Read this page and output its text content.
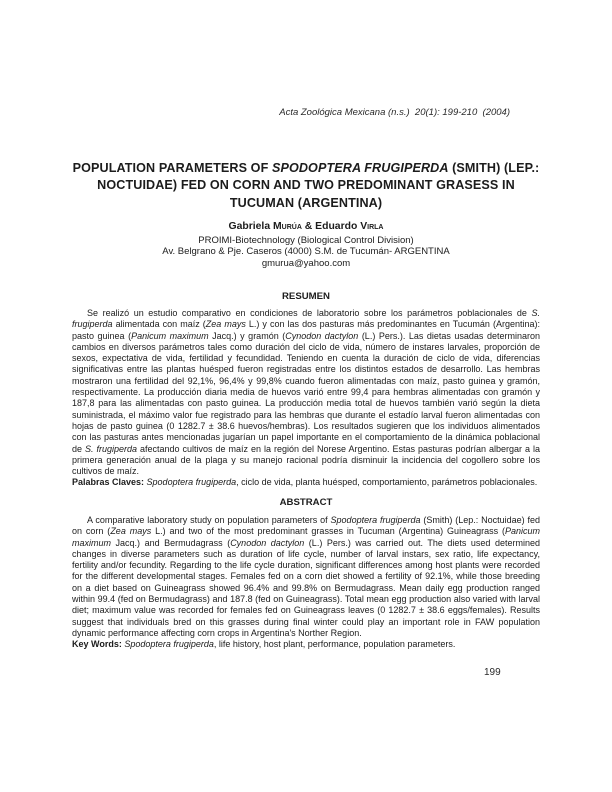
Acta Zoológica Mexicana (n.s.)  20(1): 199-210  (2004)
POPULATION PARAMETERS OF SPODOPTERA FRUGIPERDA (SMITH) (LEP.: NOCTUIDAE) FED ON CORN AND TWO PREDOMINANT GRASESS IN TUCUMAN (ARGENTINA)
Gabriela Murúa & Eduardo Virla
PROIMI-Biotechnology (Biological Control Division)
Av. Belgrano & Pje. Caseros (4000) S.M. de Tucumán- ARGENTINA
gmurua@yahoo.com
RESUMEN

Se realizó un estudio comparativo en condiciones de laboratorio sobre los parámetros poblacionales de S. frugiperda alimentada con maíz (Zea mays L.) y con las dos pasturas más predominantes en Tucumán (Argentina): pasto guinea (Panicum maximum Jacq.) y gramón (Cynodon dactylon (L.) Pers.). Las dietas usadas determinaron cambios en diversos parámetros tales como duración del ciclo de vida, número de instares larvales, proporción de sexos, expectativa de vida, fertilidad y fecundidad. Teniendo en cuenta la duración de ciclo de vida, diferencias significativas entre las plantas huésped fueron registradas entre los distintos estados de desarrollo. Las hembras mostraron una fertilidad del 92,1%, 96,4% y 99,8% cuando fueron alimentadas con maíz, pasto guinea y gramón, respectivamente. La producción diaria media de huevos varió entre 99,4 para hembras alimentadas con gramón y 187,8 para las alimentadas con pasto guinea. La producción media total de huevos también varió según la dieta suministrada, el máximo valor fue registrado para las hembras que durante el estadío larval fueron alimentadas con hojas de pasto guinea (0 1282.7 ± 38.6 huevos/hembras). Los resultados sugieren que los individuos alimentados con las pasturas antes mencionadas jugarían un papel importante en el comportamiento de la dinámica poblacional de S. frugiperda afectando cultivos de maíz en la región del Norese Argentino. Estas pasturas podrían albergar a la primera generación anual de la plaga y su manejo racional podría disminuir la incidencia del cogollero sobre los cultivos de maíz.

Palabras Claves: Spodoptera frugiperda, ciclo de vida, planta huésped, comportamiento, parámetros poblacionales.

ABSTRACT

A comparative laboratory study on population parameters of Spodoptera frugiperda (Smith) (Lep.: Noctuidae) fed on corn (Zea mays L.) and two of the most predominant grasses in Tucuman (Argentina) Guineagrass (Panicum maximum Jacq.) and Bermudagrass (Cynodon dactylon (L.) Pers.) was carried out. The diets used determined changes in diverse parameters such as duration of life cycle, number of larval instars, sex ratio, life expectancy, fertility and/or fecundity. Regarding to the life cycle duration, significant differences among host plants were recorded for the different developmental stages. Females fed on a corn diet showed a fertility of 92.1%, while those breeding on a diet based on Guineagrass showed 96.4% and 99.8% on Bermudagrass. Mean daily egg production ranged within 99.4 (fed on Bermudagrass) and 187.8 (fed on Guineagrass). Total mean egg production also varied with larval diet; maximum value was recorded for females fed on Guineagrass leaves (0 1282.7 ± 38.6 eggs/females). Results suggest that individuals bred on this grasses during final winter could play an important role in FAW population dynamic performance affecting corn crops in Argentina's Norther Region.

Key Words: Spodoptera frugiperda, life history, host plant, performance, population parameters.

199
